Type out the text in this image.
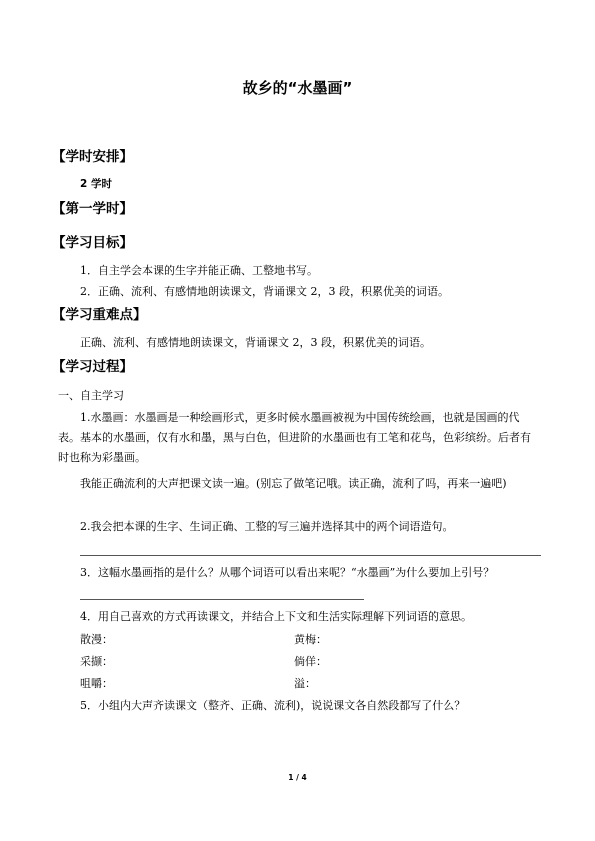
故乡的“水墨画”
【学时安排】
2 学时
【第一学时】
【学习目标】
1．自主学会本课的生字并能正确、工整地书写。
2．正确、流利、有感情地朗读课文，背诵课文 2，3 段，积累优美的词语。
【学习重难点】
正确、流利、有感情地朗读课文，背诵课文 2，3 段，积累优美的词语。
【学习过程】
一、自主学习
1.水墨画：水墨画是一种绘画形式，更多时候水墨画被视为中国传统绘画，也就是国画的代表。基本的水墨画，仅有水和墨，黑与白色，但进阶的水墨画也有工笔和花鸟，色彩缤纷。后者有时也称为彩墨画。
我能正确流利的大声把课文读一遍。(别忘了做笔记哦。读正确，流利了吗，再来一遍吧)
2.我会把本课的生字、生词正确、工整的写三遍并选择其中的两个词语造句。
3．这幅水墨画指的是什么？从哪个词语可以看出来呢？“水墨画”为什么要加上引号？
4．用自己喜欢的方式再读课文，并结合上下文和生活实际理解下列词语的意思。
散漫：	黄梅：
采撷：	倘佯：
咀嚼：	溢：
5．小组内大声齐读课文（整齐、正确、流利)，说说课文各自然段都写了什么？
1 / 4
